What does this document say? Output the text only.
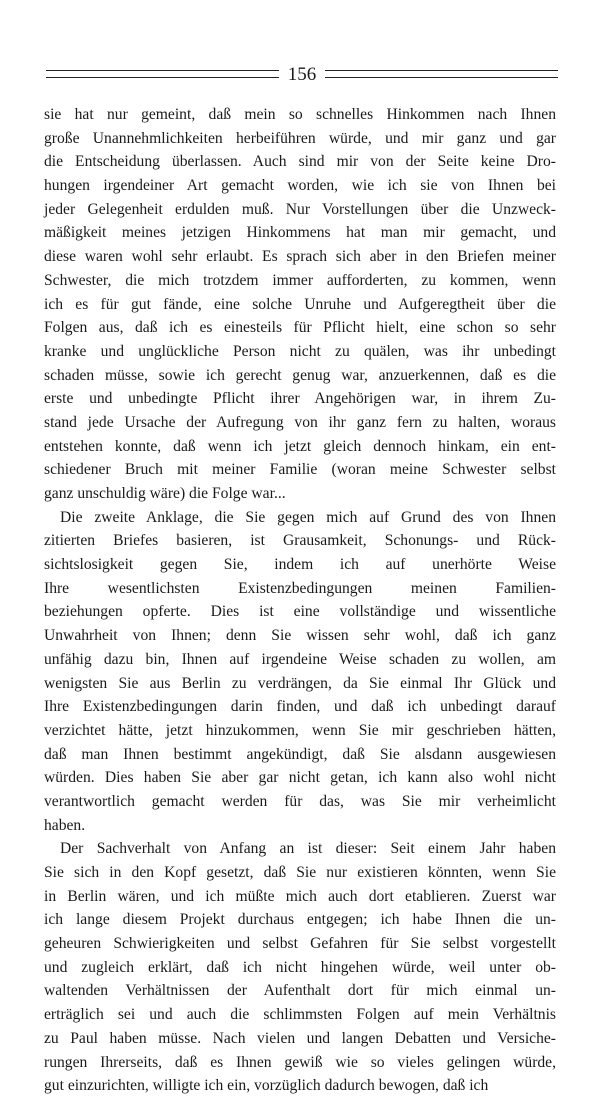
156
sie hat nur gemeint, daß mein so schnelles Hinkommen nach Ihnen
große Unannehmlichkeiten herbeiführen würde, und mir ganz und gar
die Entscheidung überlassen. Auch sind mir von der Seite keine Dro-
hungen irgendeiner Art gemacht worden, wie ich sie von Ihnen bei
jeder Gelegenheit erdulden muß. Nur Vorstellungen über die Unzweck-
mäßigkeit meines jetzigen Hinkommens hat man mir gemacht, und
diese waren wohl sehr erlaubt. Es sprach sich aber in den Briefen meiner
Schwester, die mich trotzdem immer aufforderten, zu kommen, wenn
ich es für gut fände, eine solche Unruhe und Aufgeregtheit über die
Folgen aus, daß ich es einesteils für Pflicht hielt, eine schon so sehr
kranke und unglückliche Person nicht zu quälen, was ihr unbedingt
schaden müsse, sowie ich gerecht genug war, anzuerkennen, daß es die
erste und unbedingte Pflicht ihrer Angehörigen war, in ihrem Zu-
stand jede Ursache der Aufregung von ihr ganz fern zu halten, woraus
entstehen konnte, daß wenn ich jetzt gleich dennoch hinkam, ein ent-
schiedener Bruch mit meiner Familie (woran meine Schwester selbst
ganz unschuldig wäre) die Folge war...
Die zweite Anklage, die Sie gegen mich auf Grund des von Ihnen
zitierten Briefes basieren, ist Grausamkeit, Schonungs- und Rück-
sichtslosigkeit gegen Sie, indem ich auf unerhörte Weise
Ihre wesentlichsten Existenzbedingungen meinen Familien-
beziehungen opferte. Dies ist eine vollständige und wissentliche
Unwahrheit von Ihnen; denn Sie wissen sehr wohl, daß ich ganz
unfähig dazu bin, Ihnen auf irgendeine Weise schaden zu wollen, am
wenigsten Sie aus Berlin zu verdrängen, da Sie einmal Ihr Glück und
Ihre Existenzbedingungen darin finden, und daß ich unbedingt darauf
verzichtet hätte, jetzt hinzukommen, wenn Sie mir geschrieben hätten,
daß man Ihnen bestimmt angekündigt, daß Sie alsdann ausgewiesen
würden. Dies haben Sie aber gar nicht getan, ich kann also wohl nicht
verantwortlich gemacht werden für das, was Sie mir verheimlicht
haben.
Der Sachverhalt von Anfang an ist dieser: Seit einem Jahr haben
Sie sich in den Kopf gesetzt, daß Sie nur existieren könnten, wenn Sie
in Berlin wären, und ich müßte mich auch dort etablieren. Zuerst war
ich lange diesem Projekt durchaus entgegen; ich habe Ihnen die un-
geheuren Schwierigkeiten und selbst Gefahren für Sie selbst vorgestellt
und zugleich erklärt, daß ich nicht hingehen würde, weil unter ob-
waltenden Verhältnissen der Aufenthalt dort für mich einmal un-
erträglich sei und auch die schlimmsten Folgen auf mein Verhältnis
zu Paul haben müsse. Nach vielen und langen Debatten und Versiche-
rungen Ihrerseits, daß es Ihnen gewiß wie so vieles gelingen würde,
gut einzurichten, willigte ich ein, vorzüglich dadurch bewogen, daß ich
